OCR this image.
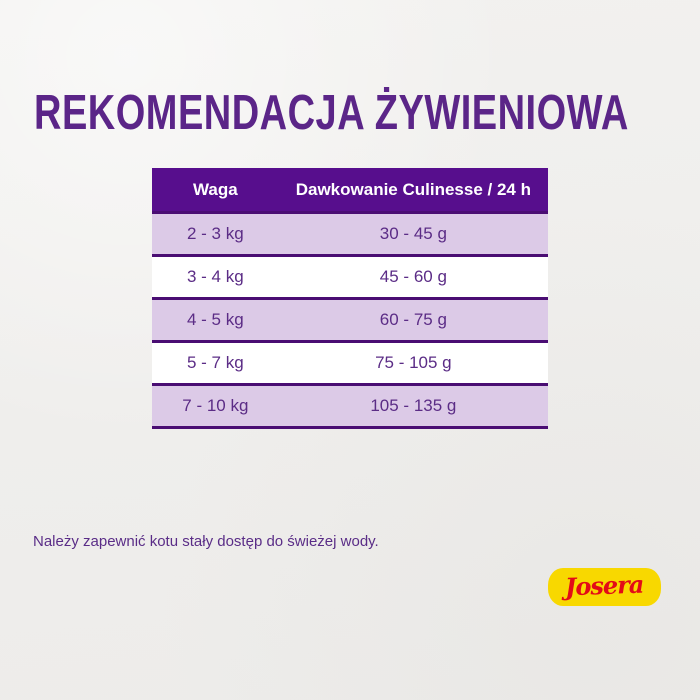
REKOMENDACJA ŻYWIENIOWA
Waga	Dawkowanie Culinesse / 24 h
2 - 3 kg	30 - 45 g
3 - 4 kg	45 - 60 g
4 - 5 kg	60 - 75 g
5 - 7 kg	75 - 105 g
7 - 10 kg	105 - 135 g

Należy zapewnić kotu stały dostęp do świeżej wody.

Josera
